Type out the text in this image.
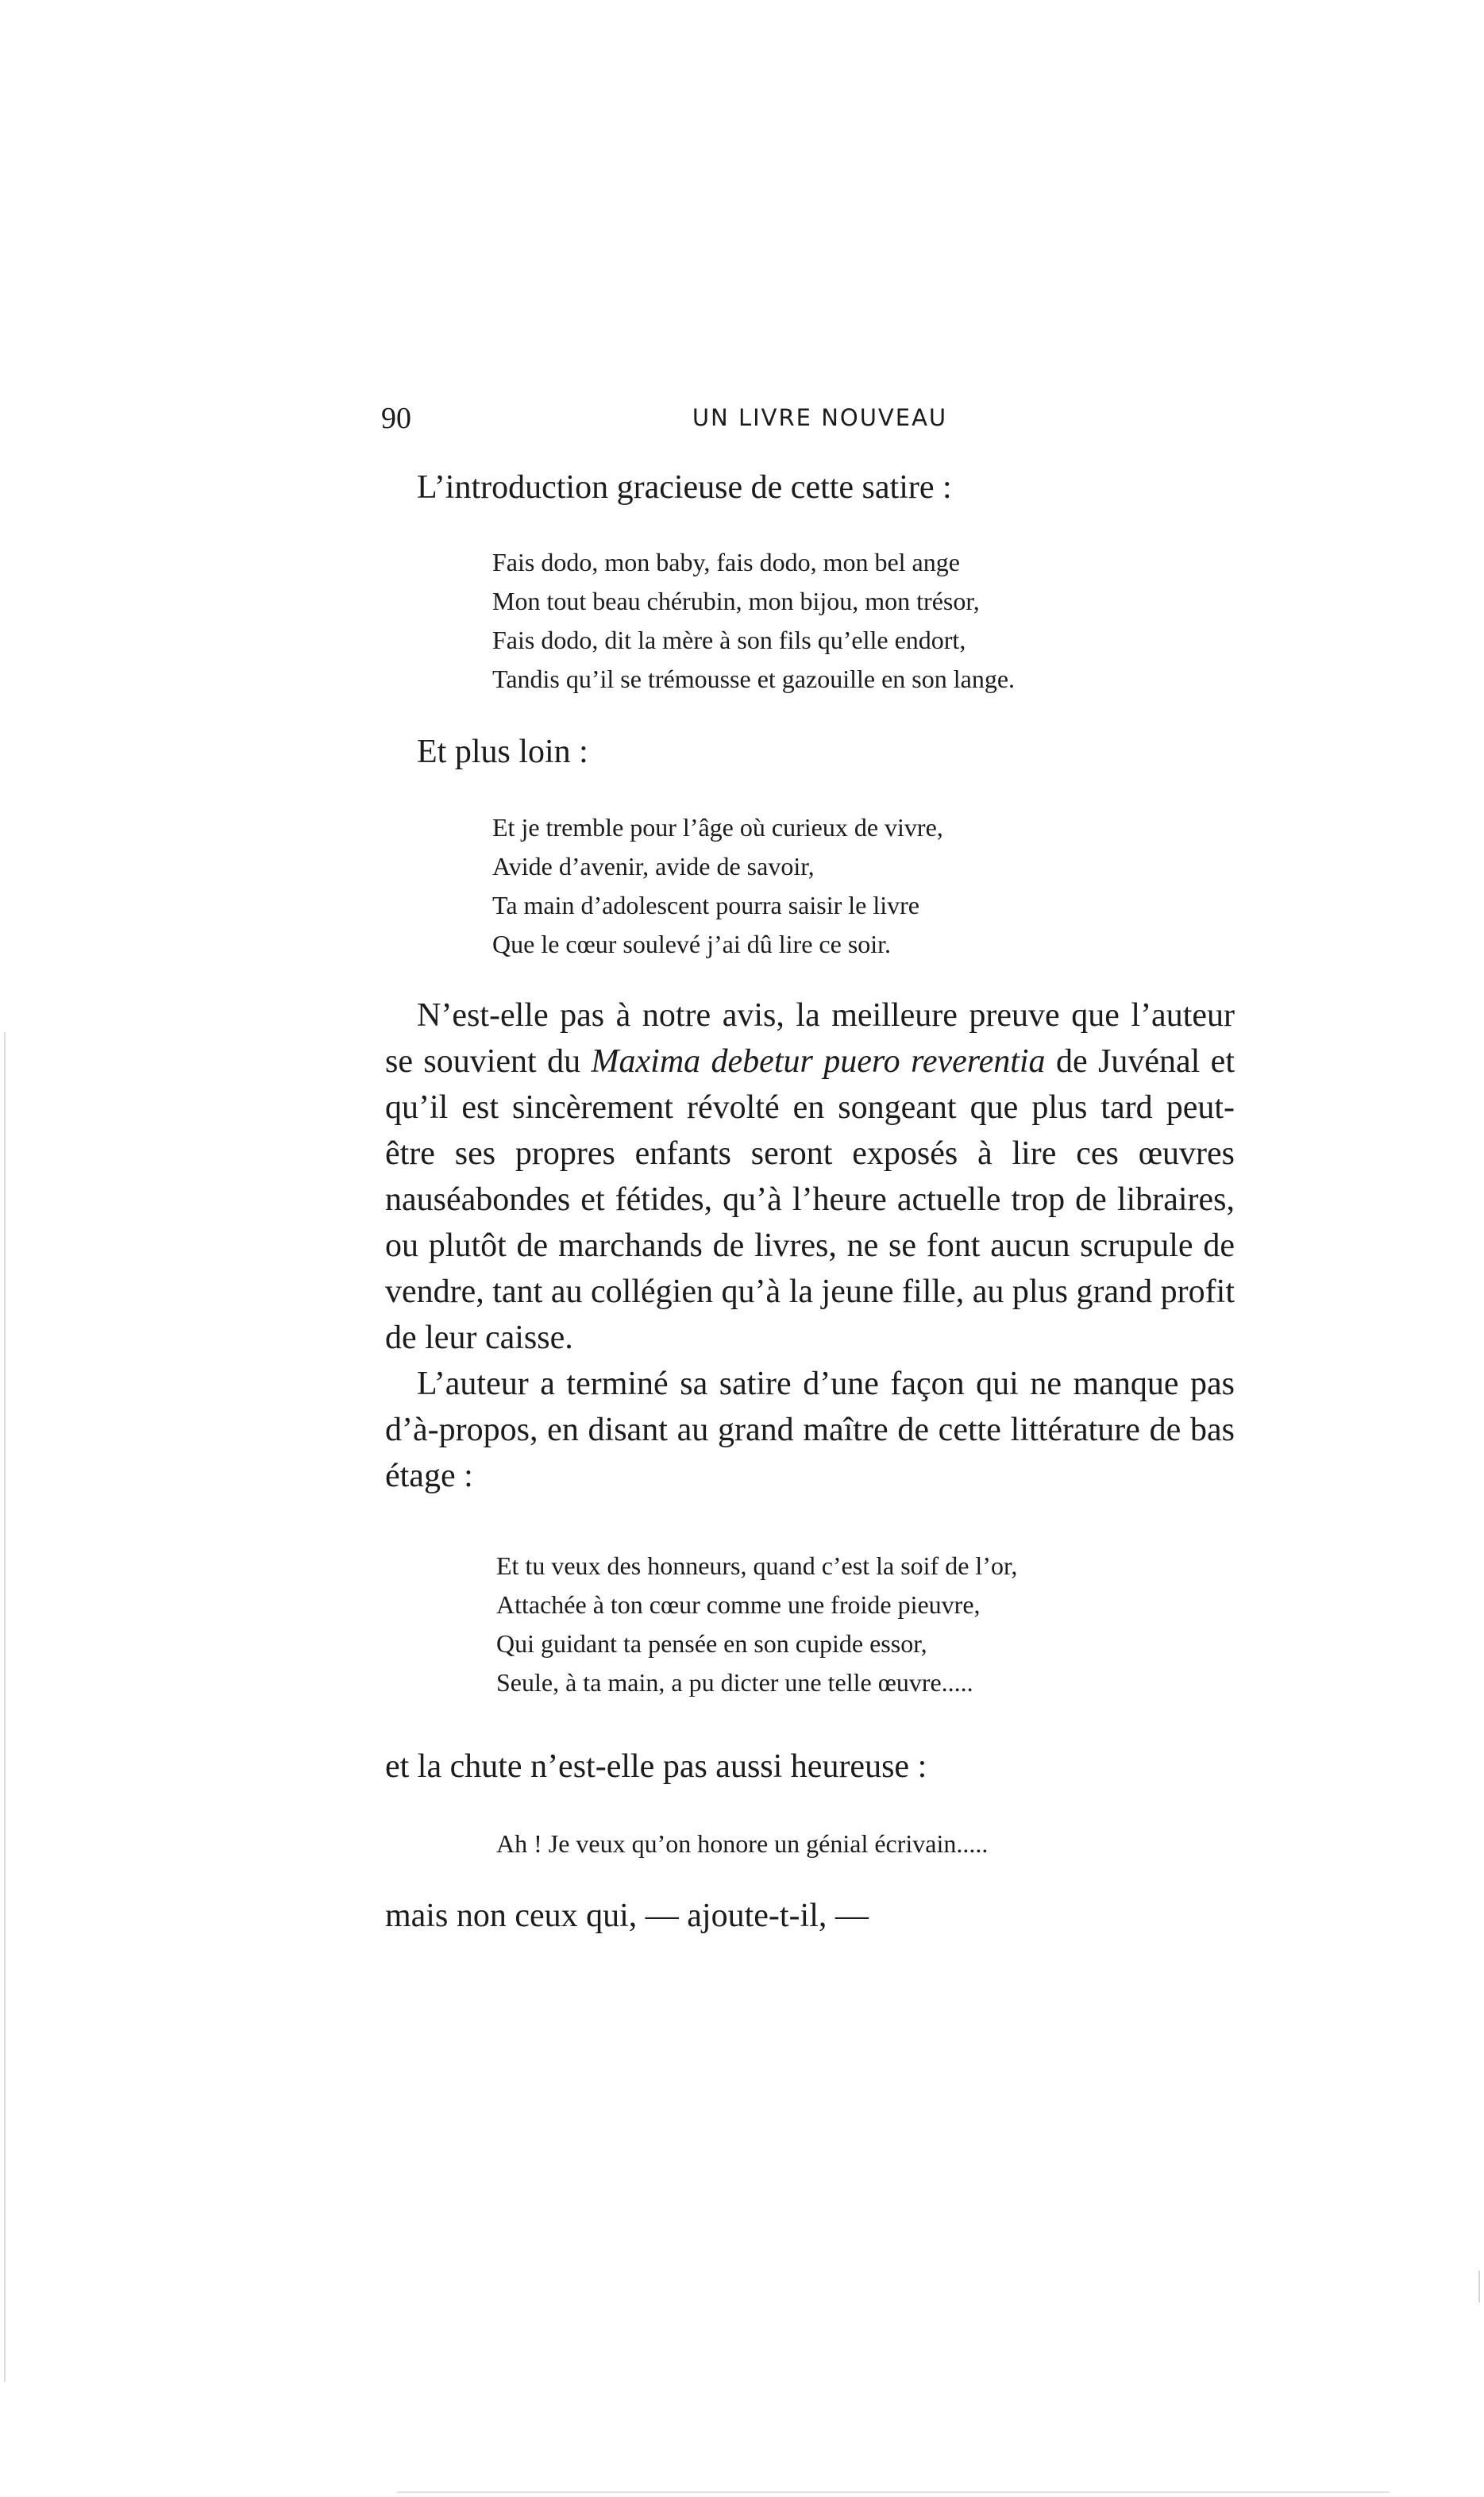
90	UN LIVRE NOUVEAU

L’introduction gracieuse de cette satire :

Fais dodo, mon baby, fais dodo, mon bel ange
Mon tout beau chérubin, mon bijou, mon trésor,
Fais dodo, dit la mère à son fils qu’elle endort,
Tandis qu’il se trémousse et gazouille en son lange.

Et plus loin :

Et je tremble pour l’âge où curieux de vivre,
Avide d’avenir, avide de savoir,
Ta main d’adolescent pourra saisir le livre
Que le cœur soulevé j’ai dû lire ce soir.

N’est-elle pas à notre avis, la meilleure preuve que l’auteur se souvient du Maxima debetur puero reverentia de Juvénal et qu’il est sincèrement révolté en songeant que plus tard peut-être ses propres enfants seront exposés à lire ces œuvres nauséabondes et fétides, qu’à l’heure actuelle trop de libraires, ou plutôt de marchands de livres, ne se font aucun scrupule de vendre, tant au collégien qu’à la jeune fille, au plus grand profit de leur caisse.

L’auteur a terminé sa satire d’une façon qui ne manque pas d’à-propos, en disant au grand maître de cette littérature de bas étage :

Et tu veux des honneurs, quand c’est la soif de l’or,
Attachée à ton cœur comme une froide pieuvre,
Qui guidant ta pensée en son cupide essor,
Seule, à ta main, a pu dicter une telle œuvre.....

et la chute n’est-elle pas aussi heureuse :

Ah ! Je veux qu’on honore un génial écrivain.....

mais non ceux qui, — ajoute-t-il, —
